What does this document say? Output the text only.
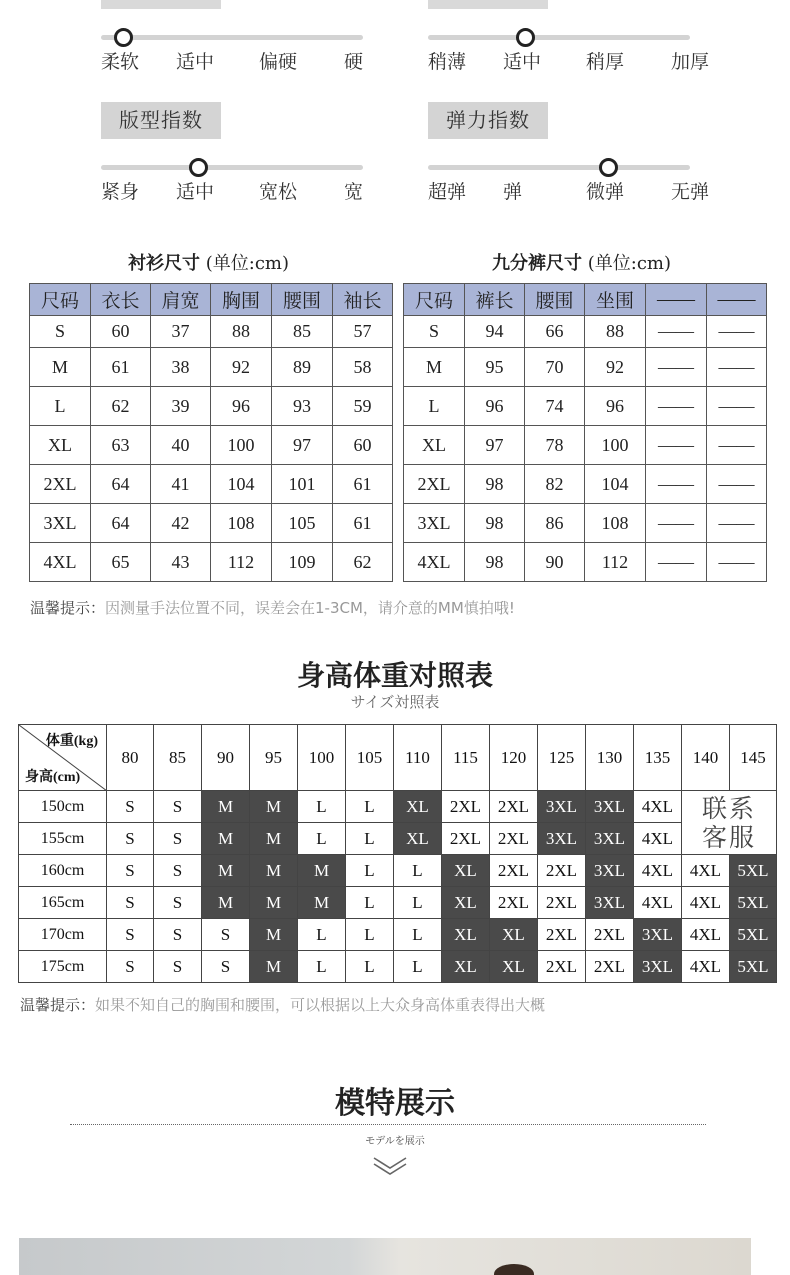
柔软 适中 偏硬 硬	稍薄 适中 稍厚 加厚
版型指数
紧身 适中 宽松 宽
弹力指数
超弹 弹	微弹 无弹
衬衫尺寸 (单位:cm)
尺码	衣长	肩宽	胸围	腰围	袖长
S	60	37	88	85	57
M	61	38	92	89	58
L	62	39	96	93	59
XL	63	40	100	97	60
2XL	64	41	104	101	61
3XL	64	42	108	105	61
4XL	65	43	112	109	62
九分裤尺寸 (单位:cm)
尺码	裤长	腰围	坐围	——	——
S	94	66	88	——	——
M	95	70	92	——	——
L	96	74	96	——	——
XL	97	78	100	——	——
2XL	98	82	104	——	——
3XL	98	86	108	——	——
4XL	98	90	112	——	——
温馨提示：因测量手法位置不同，误差会在1-3CM，请介意的MM慎拍哦!
身高体重对照表
サイズ対照表
体重(kg)
身高(cm)	80	85	90	95	100	105	110	115	120	125	130	135	140	145
150cm	S	S	M	M	L	L	XL	2XL	2XL	3XL	3XL	4XL	联系
客服	

155cm	S	S	M	M	L	L	XL	2XL	2XL	3XL	3XL	4XL		
160cm	S	S	M	M	M	L	L	XL	2XL	2XL	3XL	4XL	4XL	5XL
165cm	S	S	M	M	M	L	L	XL	2XL	2XL	3XL	4XL	4XL	5XL
170cm	S	S	S	M	L	L	L	XL	XL	2XL	2XL	3XL	4XL	5XL
175cm	S	S	S	M	L	L	L	XL	XL	2XL	2XL	3XL	4XL	5XL
温馨提示：如果不知自己的胸围和腰围，可以根据以上大众身高体重表得出大概
模特展示
モデルを展示
